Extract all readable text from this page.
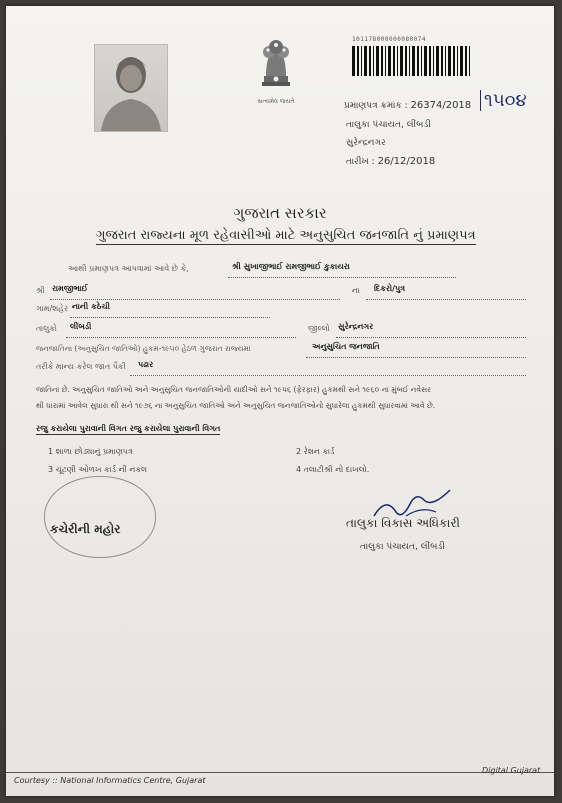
સત્યમેવ જયતે
101178000000080074
પ્રમાણપત્ર ક્રમાંક : 26374/2018 ૧૫૦૪
તાલુકા પંચાયત, લીંબડી
સુરેન્દ્રનગર
તારીખ : 26/12/2018
ગુજરાત સરકાર
ગુજરાત રાજ્યના મૂળ રહેવાસીઓ માટે અનુસુચિત જનજાતિ નું પ્રમાણપત્ર
આથી પ્રમાણપત્ર આપવામાં આવે છે કે,	શ્રી સુખાજીભાઈ રામજીભાઈ કુકાયરા
શ્રી રામજીભાઈ	ના દિકરો/પુત્ર
ગામ/શહેર નાની કઠેચી
તાલુકો લીંબડી	જીલ્લો સુરેન્દ્રનગર
જનજાતિના (અનુસુચિત જાતિઓ) હુકમ-૧૯૫૦ હેઠળ ગુજરાત રાજ્યમાં	અનુસુચિત જનજાતિ
તરીકે માન્ય કરેલ જાત પૈકી પઢાર
જાતિના છે. અનુસુચિત જાતિઓ અને અનુસુચિત જનજાતિઓની યાદીઓ સને ૧૯૫૬ (ફેરફાર) હુકમથી સને ૧૯૬૦ ના મુંબઈ નવેસર
થી ધારામાં આવેલ સુધારા થી સને ૧૯૭૬ ના અનુસુચિત જાતિઓ અને અનુસુચિત જનજાતિઓનો સુધારેલા હુકમથી સુધારવામાં આવે છે.
રજુ કરાયેલા પુરાવાની વિગત રજુ કરાયેલા પુરાવાની વિગત
1 શાળા છોડ્યાનું પ્રમાણપત્ર	2 રેશન કાર્ડ
3 ચૂંટણી ઓળખ કાર્ડ ની નકલ	4 તલાટીશ્રી નો દાખલો.
કચેરીની મહોર	તાલુકા વિકાસ અધિકારી
તાલુકા પંચાયત, લીંબડી
Courtesy :: National Informatics Centre, Gujarat
Digital Gujarat
